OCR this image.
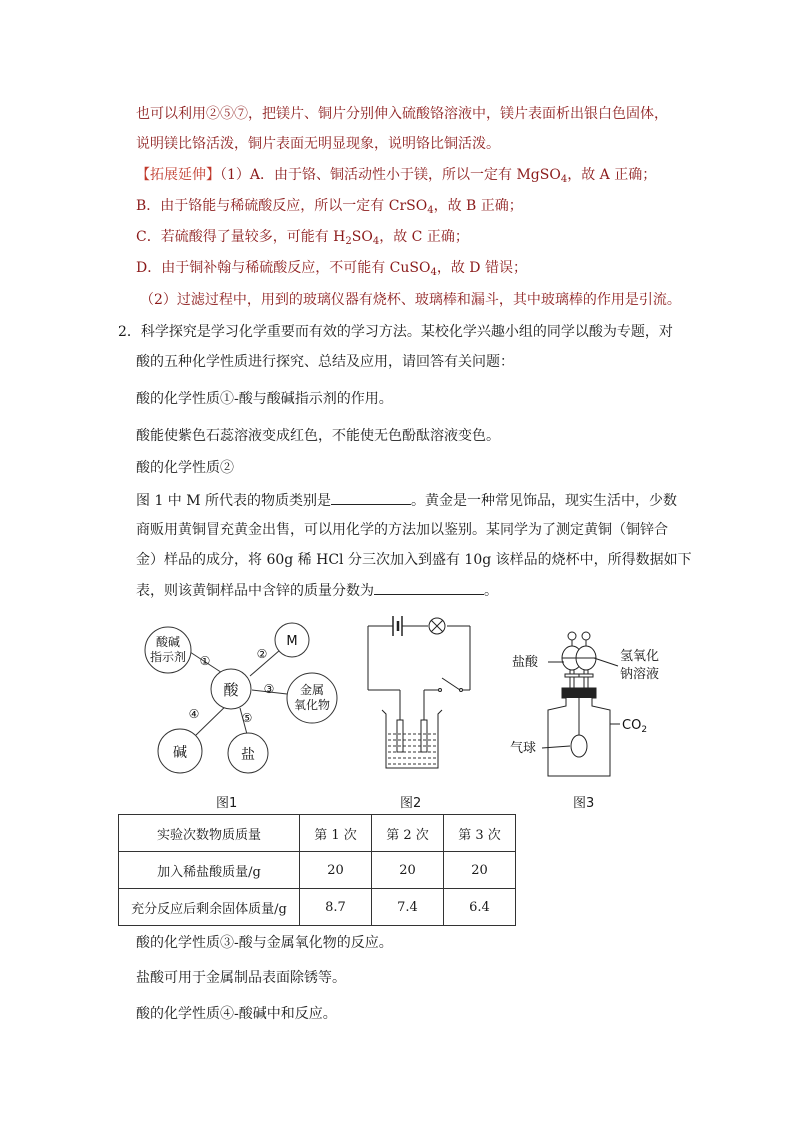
也可以利用②⑤⑦，把镁片、铜片分别伸入硫酸铬溶液中，镁片表面析出银白色固体，
说明镁比铬活泼，铜片表面无明显现象，说明铬比铜活泼。
【拓展延伸】（1）A．由于铬、铜活动性小于镁，所以一定有 MgSO$_4$，故 A 正确；
B．由于铬能与稀硫酸反应，所以一定有 CrSO$_4$，故 B 正确；
C．若硫酸得了量较多，可能有 $H_2SO_4$，故 C 正确；
D．由于铜补翰与稀硫酸反应，不可能有 CuSO$_4$，故 D 错误；
（2）过滤过程中，用到的玻璃仪器有烧杯、玻璃棒和漏斗，其中玻璃棒的作用是引流。
2．科学探究是学习化学重要而有效的学习方法。某校化学兴趣小组的同学以酸为专题，对
酸的五种化学性质进行探究、总结及应用，请回答有关问题：
酸的化学性质①-酸与酸碱指示剂的作用。
酸能使紫色石蕊溶液变成红色，不能使无色酚酞溶液变色。
酸的化学性质②
图 1 中 M 所代表的物质类别是	。黄金是一种常见饰品，现实生活中，少数
商贩用黄铜冒充黄金出售，可以用化学的方法加以鉴别。某同学为了测定黄铜（铜锌合
金）样品的成分，将 60g 稀 HCl 分三次加入到盛有 10g 该样品的烧杯中，所得数据如下
表，则该黄铜样品中含锌的质量分数为	。
酸碱
指示剂
M
酸	金属
氧化物
碱	盐
①	②
③
④	⑤
图1	图2
盐酸	氢氧化
钠溶液
$CO_2$
气球
图3
实验次数物质质量	第 1 次	第 2 次	第 3 次
加入稀盐酸质量/g	20	20	20
充分反应后剩余固体质量/g	8.7	7.4	6.4
酸的化学性质③-酸与金属氧化物的反应。
盐酸可用于金属制品表面除锈等。
酸的化学性质④-酸碱中和反应。
